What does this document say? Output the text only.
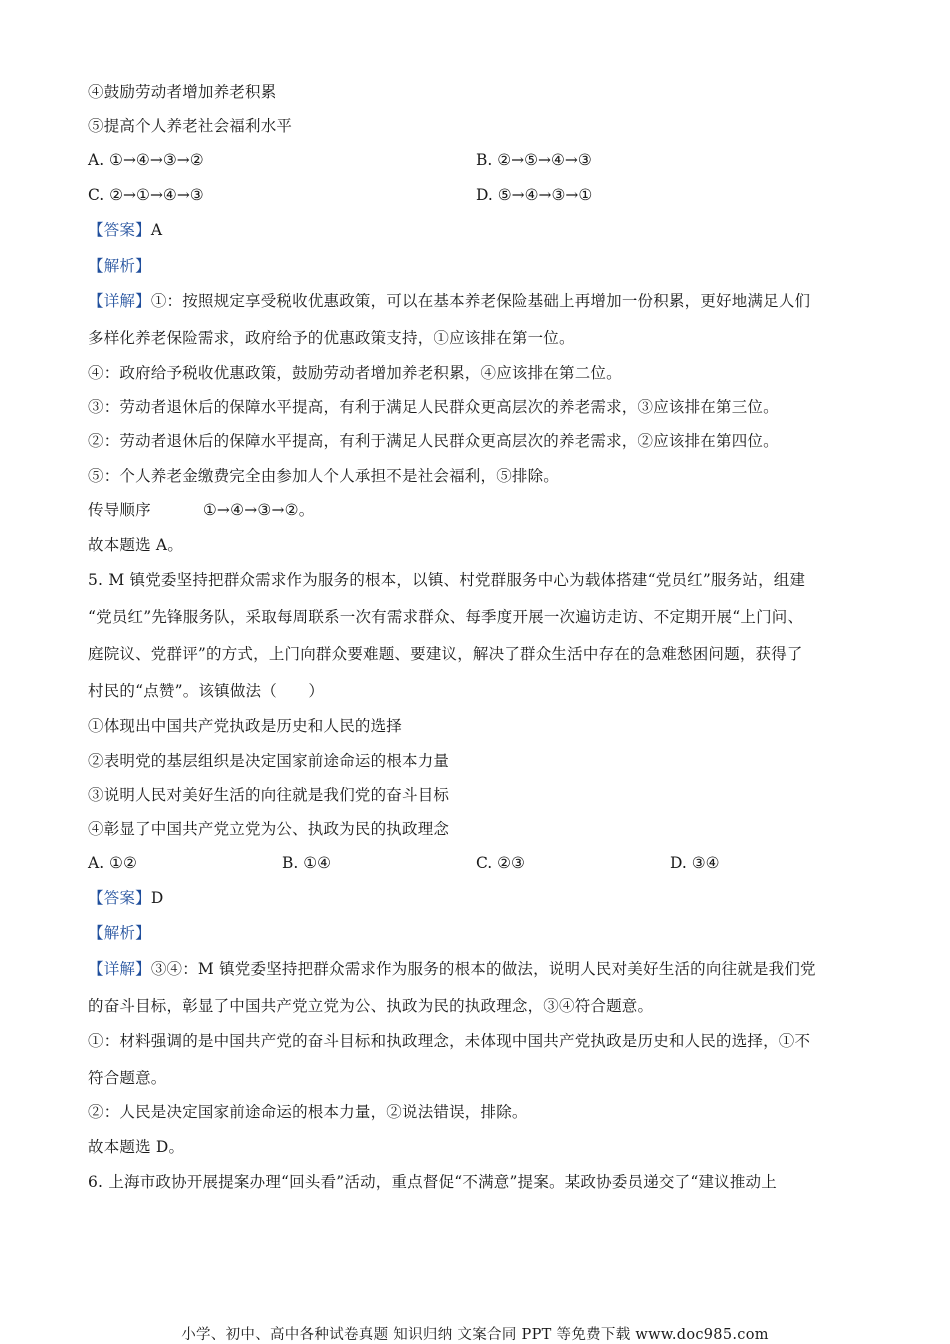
④鼓励劳动者增加养老积累
⑤提高个人养老社会福利水平
A. ①→④→③→②	B. ②→⑤→④→③
C. ②→①→④→③	D. ⑤→④→③→①
【答案】A
【解析】
【详解】①：按照规定享受税收优惠政策，可以在基本养老保险基础上再增加一份积累，更好地满足人们
多样化养老保险需求，政府给予的优惠政策支持，①应该排在第一位。
④：政府给予税收优惠政策，鼓励劳动者增加养老积累，④应该排在第二位。
③：劳动者退休后的保障水平提高，有利于满足人民群众更高层次的养老需求，③应该排在第三位。
②：劳动者退休后的保障水平提高，有利于满足人民群众更高层次的养老需求，②应该排在第四位。
⑤：个人养老金缴费完全由参加人个人承担不是社会福利，⑤排除。
传导顺序	①→④→③→②。
故本题选 A。
5. M 镇党委坚持把群众需求作为服务的根本，以镇、村党群服务中心为载体搭建“党员红”服务站，组建
“党员红”先锋服务队，采取每周联系一次有需求群众、每季度开展一次遍访走访、不定期开展“上门问、
庭院议、党群评”的方式，上门向群众要难题、要建议，解决了群众生活中存在的急难愁困问题，获得了
村民的“点赞”。该镇做法（　　）
①体现出中国共产党执政是历史和人民的选择
②表明党的基层组织是决定国家前途命运的根本力量
③说明人民对美好生活的向往就是我们党的奋斗目标
④彰显了中国共产党立党为公、执政为民的执政理念
A. ①②	B. ①④	C. ②③	D. ③④
【答案】D
【解析】
【详解】③④：M 镇党委坚持把群众需求作为服务的根本的做法，说明人民对美好生活的向往就是我们党
的奋斗目标，彰显了中国共产党立党为公、执政为民的执政理念，③④符合题意。
①：材料强调的是中国共产党的奋斗目标和执政理念，未体现中国共产党执政是历史和人民的选择，①不
符合题意。
②：人民是决定国家前途命运的根本力量，②说法错误，排除。
故本题选 D。
6. 上海市政协开展提案办理“回头看”活动，重点督促“不满意”提案。某政协委员递交了“建议推动上
小学、初中、高中各种试卷真题 知识归纳 文案合同 PPT 等免费下载 www.doc985.com
